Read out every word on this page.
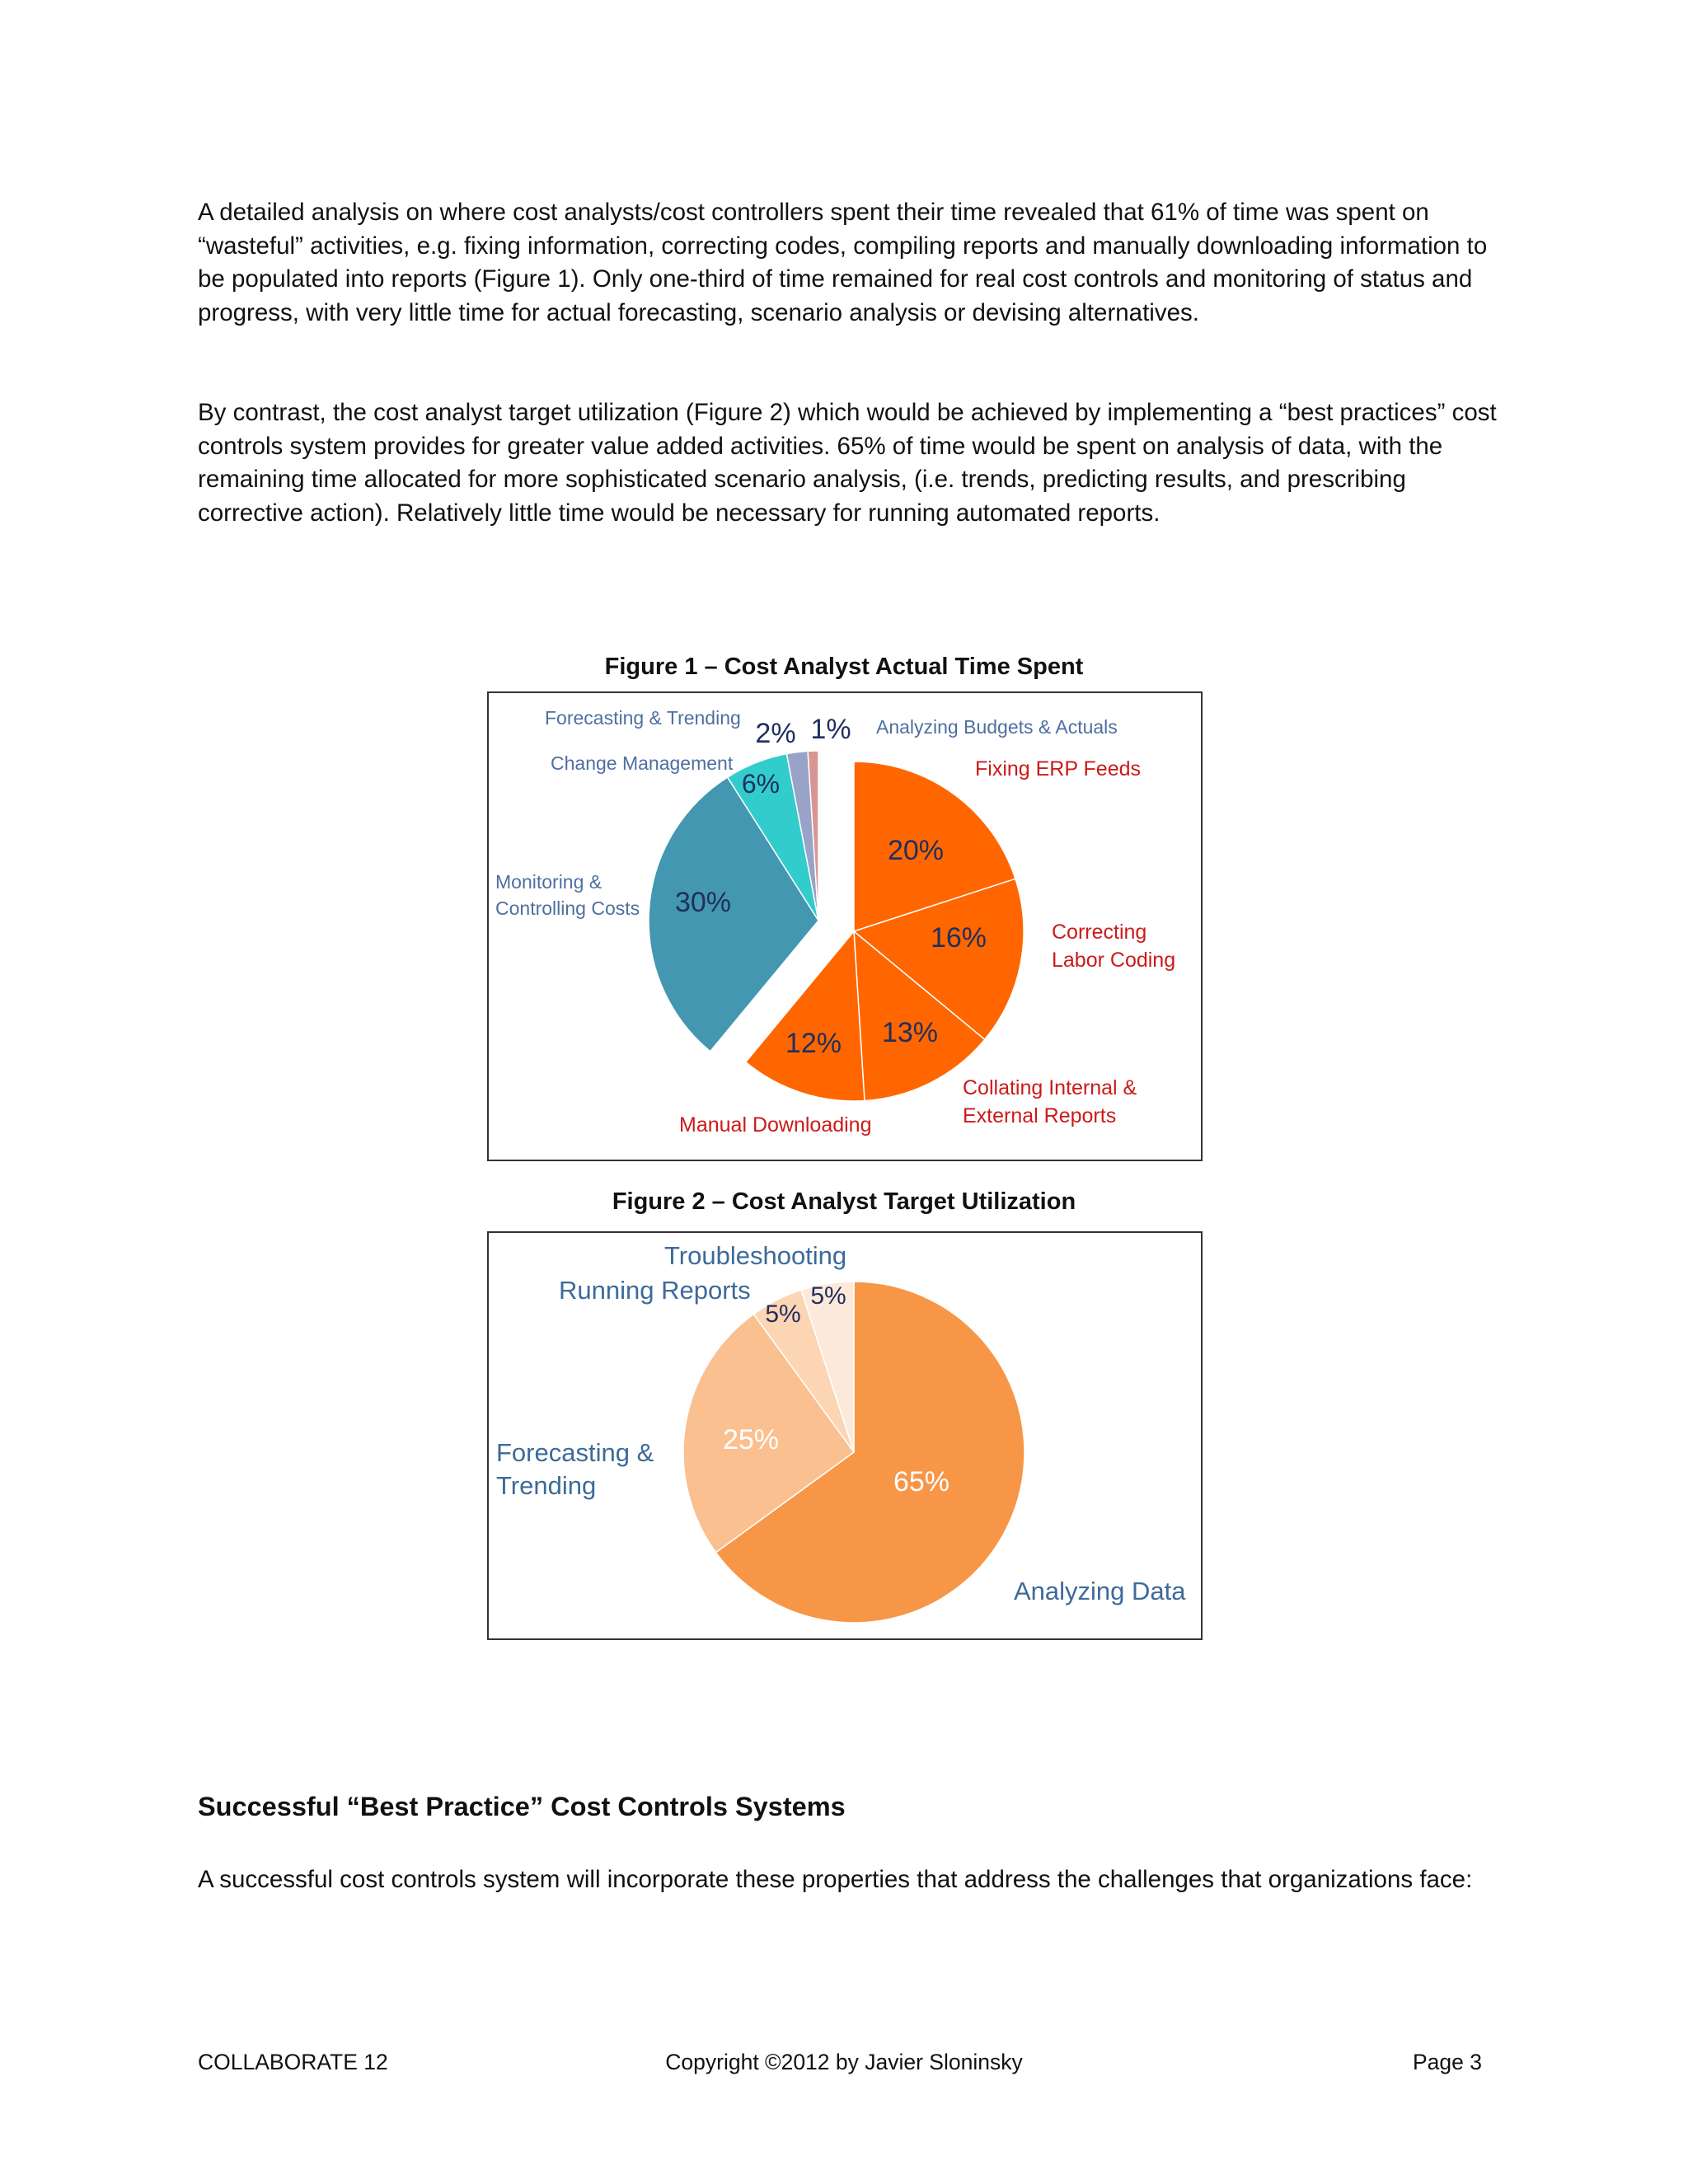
A detailed analysis on where cost analysts/cost controllers spent their time revealed that 61% of time was spent on “wasteful” activities, e.g. fixing information, correcting codes, compiling reports and manually downloading information to be populated into reports (Figure 1). Only one-third of time remained for real cost controls and monitoring of status and progress, with very little time for actual forecasting, scenario analysis or devising alternatives.

By contrast, the cost analyst target utilization (Figure 2) which would be achieved by implementing a “best practices” cost controls system provides for greater value added activities. 65% of time would be spent on analysis of data, with the remaining time allocated for more sophisticated scenario analysis, (i.e. trends, predicting results, and prescribing corrective action). Relatively little time would be necessary for running automated reports.

Figure 1 – Cost Analyst Actual Time Spent

20%
16%
13%
12%
30%
6%
2% 1%
Fixing ERP Feeds
Correcting Labor Coding
Collating Internal & External Reports
Manual Downloading
Monitoring & Controlling Costs
Change Management
Forecasting & Trending	Analyzing Budgets & Actuals

Figure 2 – Cost Analyst Target Utilization

65%
25%
5%
5%
Analyzing Data
Forecasting & Trending
Running Reports
Troubleshooting
Successful “Best Practice” Cost Controls Systems

A successful cost controls system will incorporate these properties that address the challenges that organizations face:

COLLABORATE 12	Copyright ©2012 by Javier Sloninsky	Page 3
